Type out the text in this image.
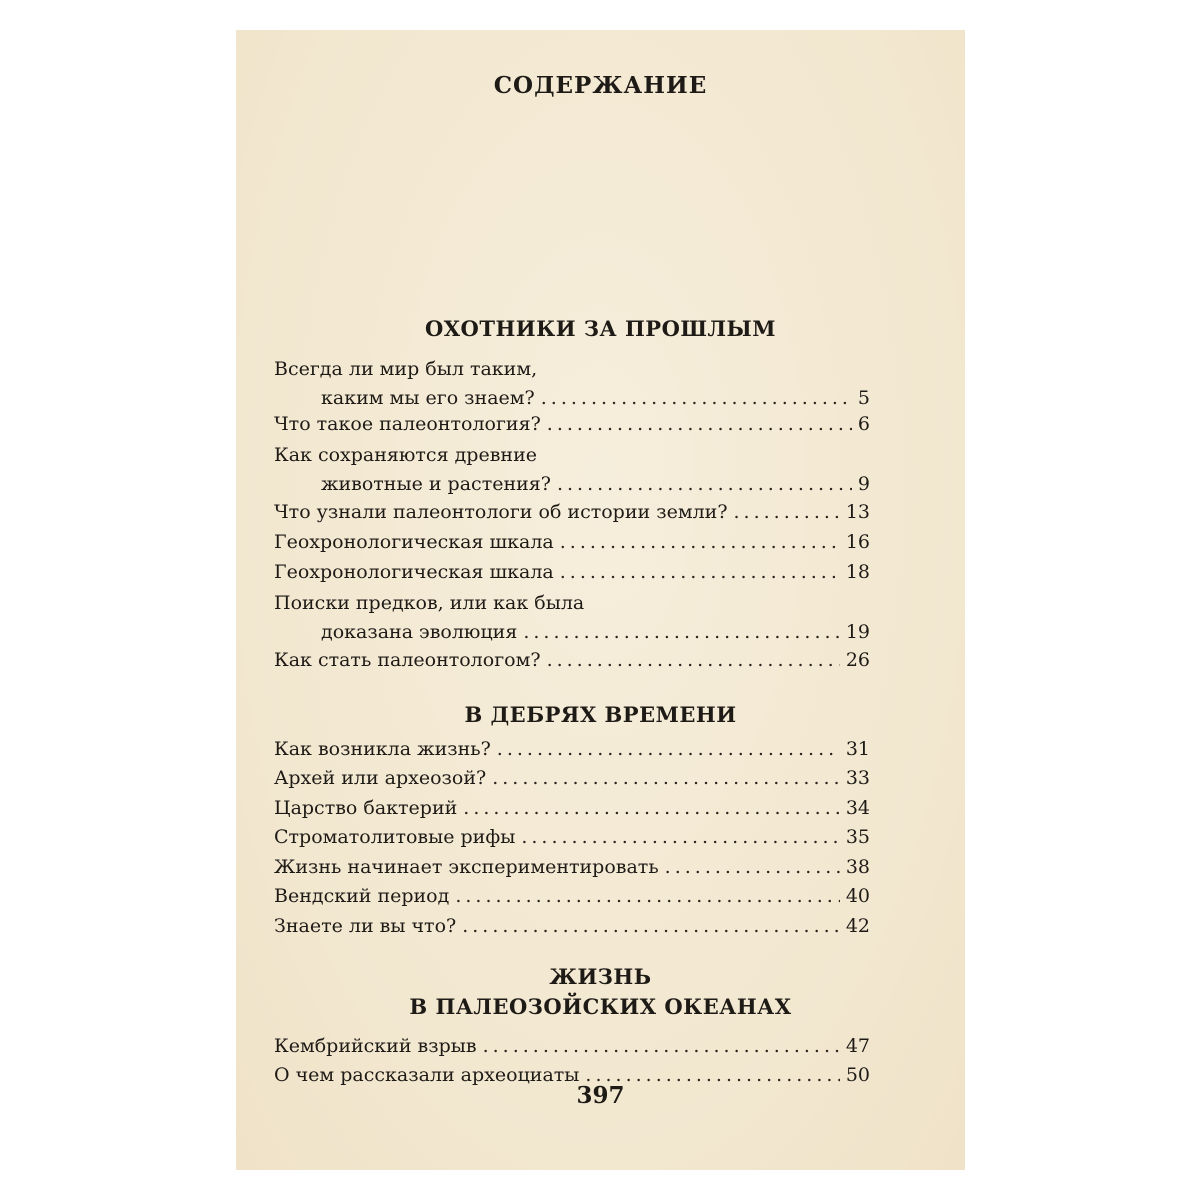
СОДЕРЖАНИЕ
ОХОТНИКИ ЗА ПРОШЛЫМ
Всегда ли мир был таким,
каким мы его знаем? .....	5
Что такое палеонтология? .....	6
Как сохраняются древние
животные и растения? .....	9
Что узнали палеонтологи об истории земли? .....	13
Геохронологическая шкала .....	16
Геохронологическая шкала .....	18
Поиски предков, или как была
доказана эволюция .....	19
Как стать палеонтологом? .....	26
В ДЕБРЯХ ВРЕМЕНИ
Как возникла жизнь? .....	31
Архей или археозой? .....	33
Царство бактерий .....	34
Строматолитовые рифы .....	35
Жизнь начинает экспериментировать .....	38
Вендский период .....	40
Знаете ли вы что? .....	42
ЖИЗНЬ
В ПАЛЕОЗОЙСКИХ ОКЕАНАХ
Кембрийский взрыв .....	47
О чем рассказали археоциаты .....	50

397
